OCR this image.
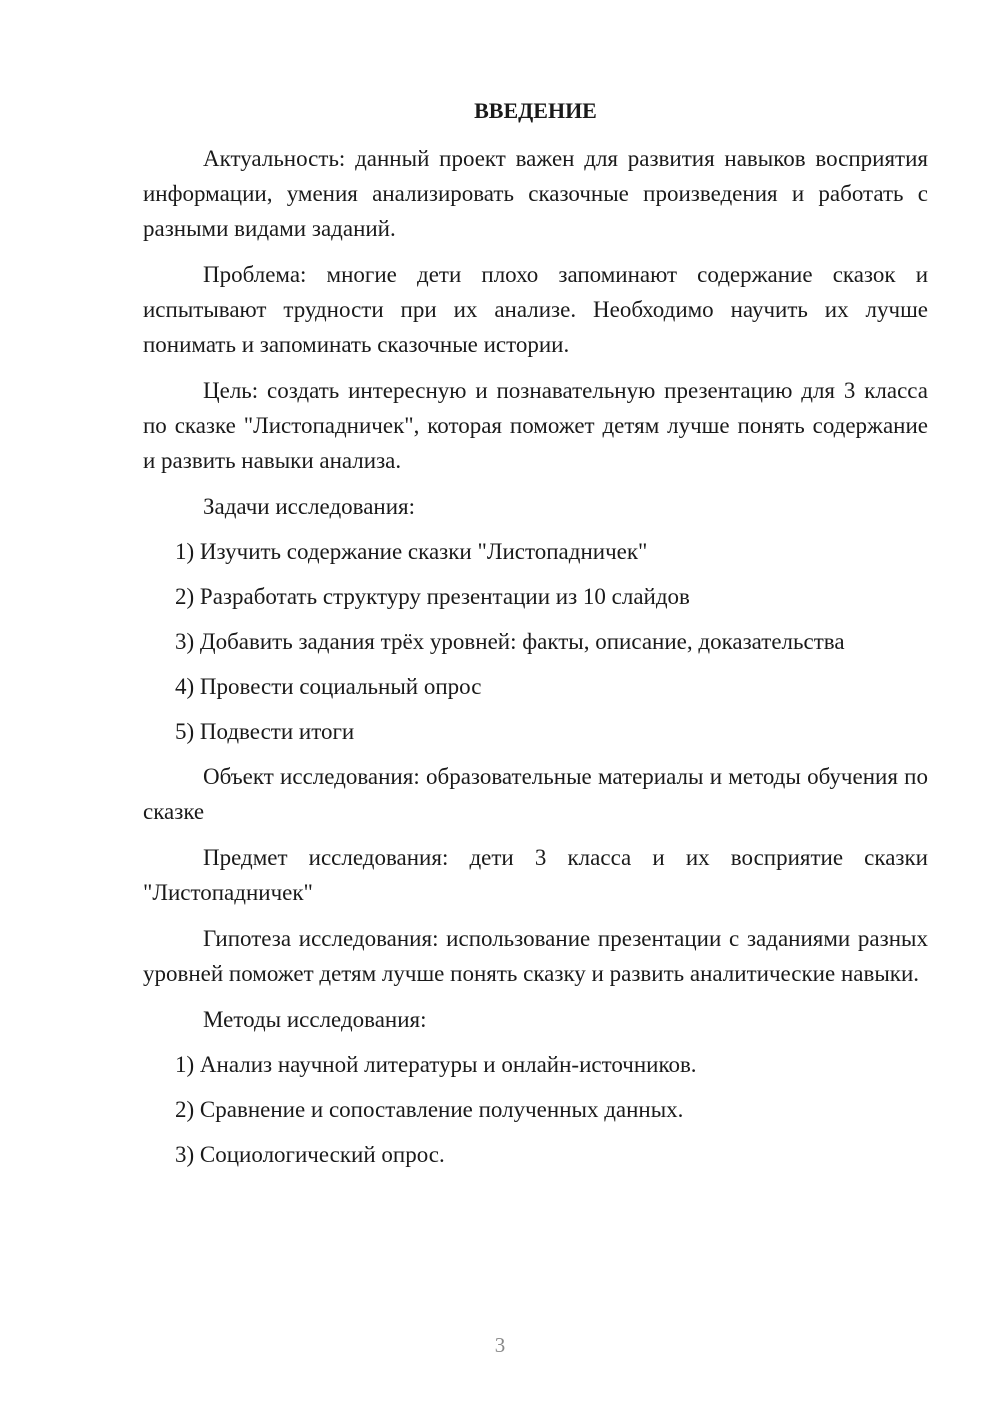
ВВЕДЕНИЕ

Актуальность: данный проект важен для развития навыков восприятия информации, умения анализировать сказочные произведения и работать с разными видами заданий.

Проблема: многие дети плохо запоминают содержание сказок и испытывают трудности при их анализе. Необходимо научить их лучше понимать и запоминать сказочные истории.

Цель: создать интересную и познавательную презентацию для 3 класса по сказке "Листопадничек", которая поможет детям лучше понять содержание и развить навыки анализа.

Задачи исследования:

1) Изучить содержание сказки "Листопадничек"

2) Разработать структуру презентации из 10 слайдов

3) Добавить задания трёх уровней: факты, описание, доказательства

4) Провести социальный опрос

5) Подвести итоги

Объект исследования: образовательные материалы и методы обучения по сказке

Предмет исследования: дети 3 класса и их восприятие сказки "Листопадничек"

Гипотеза исследования: использование презентации с заданиями разных уровней поможет детям лучше понять сказку и развить аналитические навыки.

Методы исследования:

1) Анализ научной литературы и онлайн-источников.

2) Сравнение и сопоставление полученных данных.

3) Социологический опрос.

3
